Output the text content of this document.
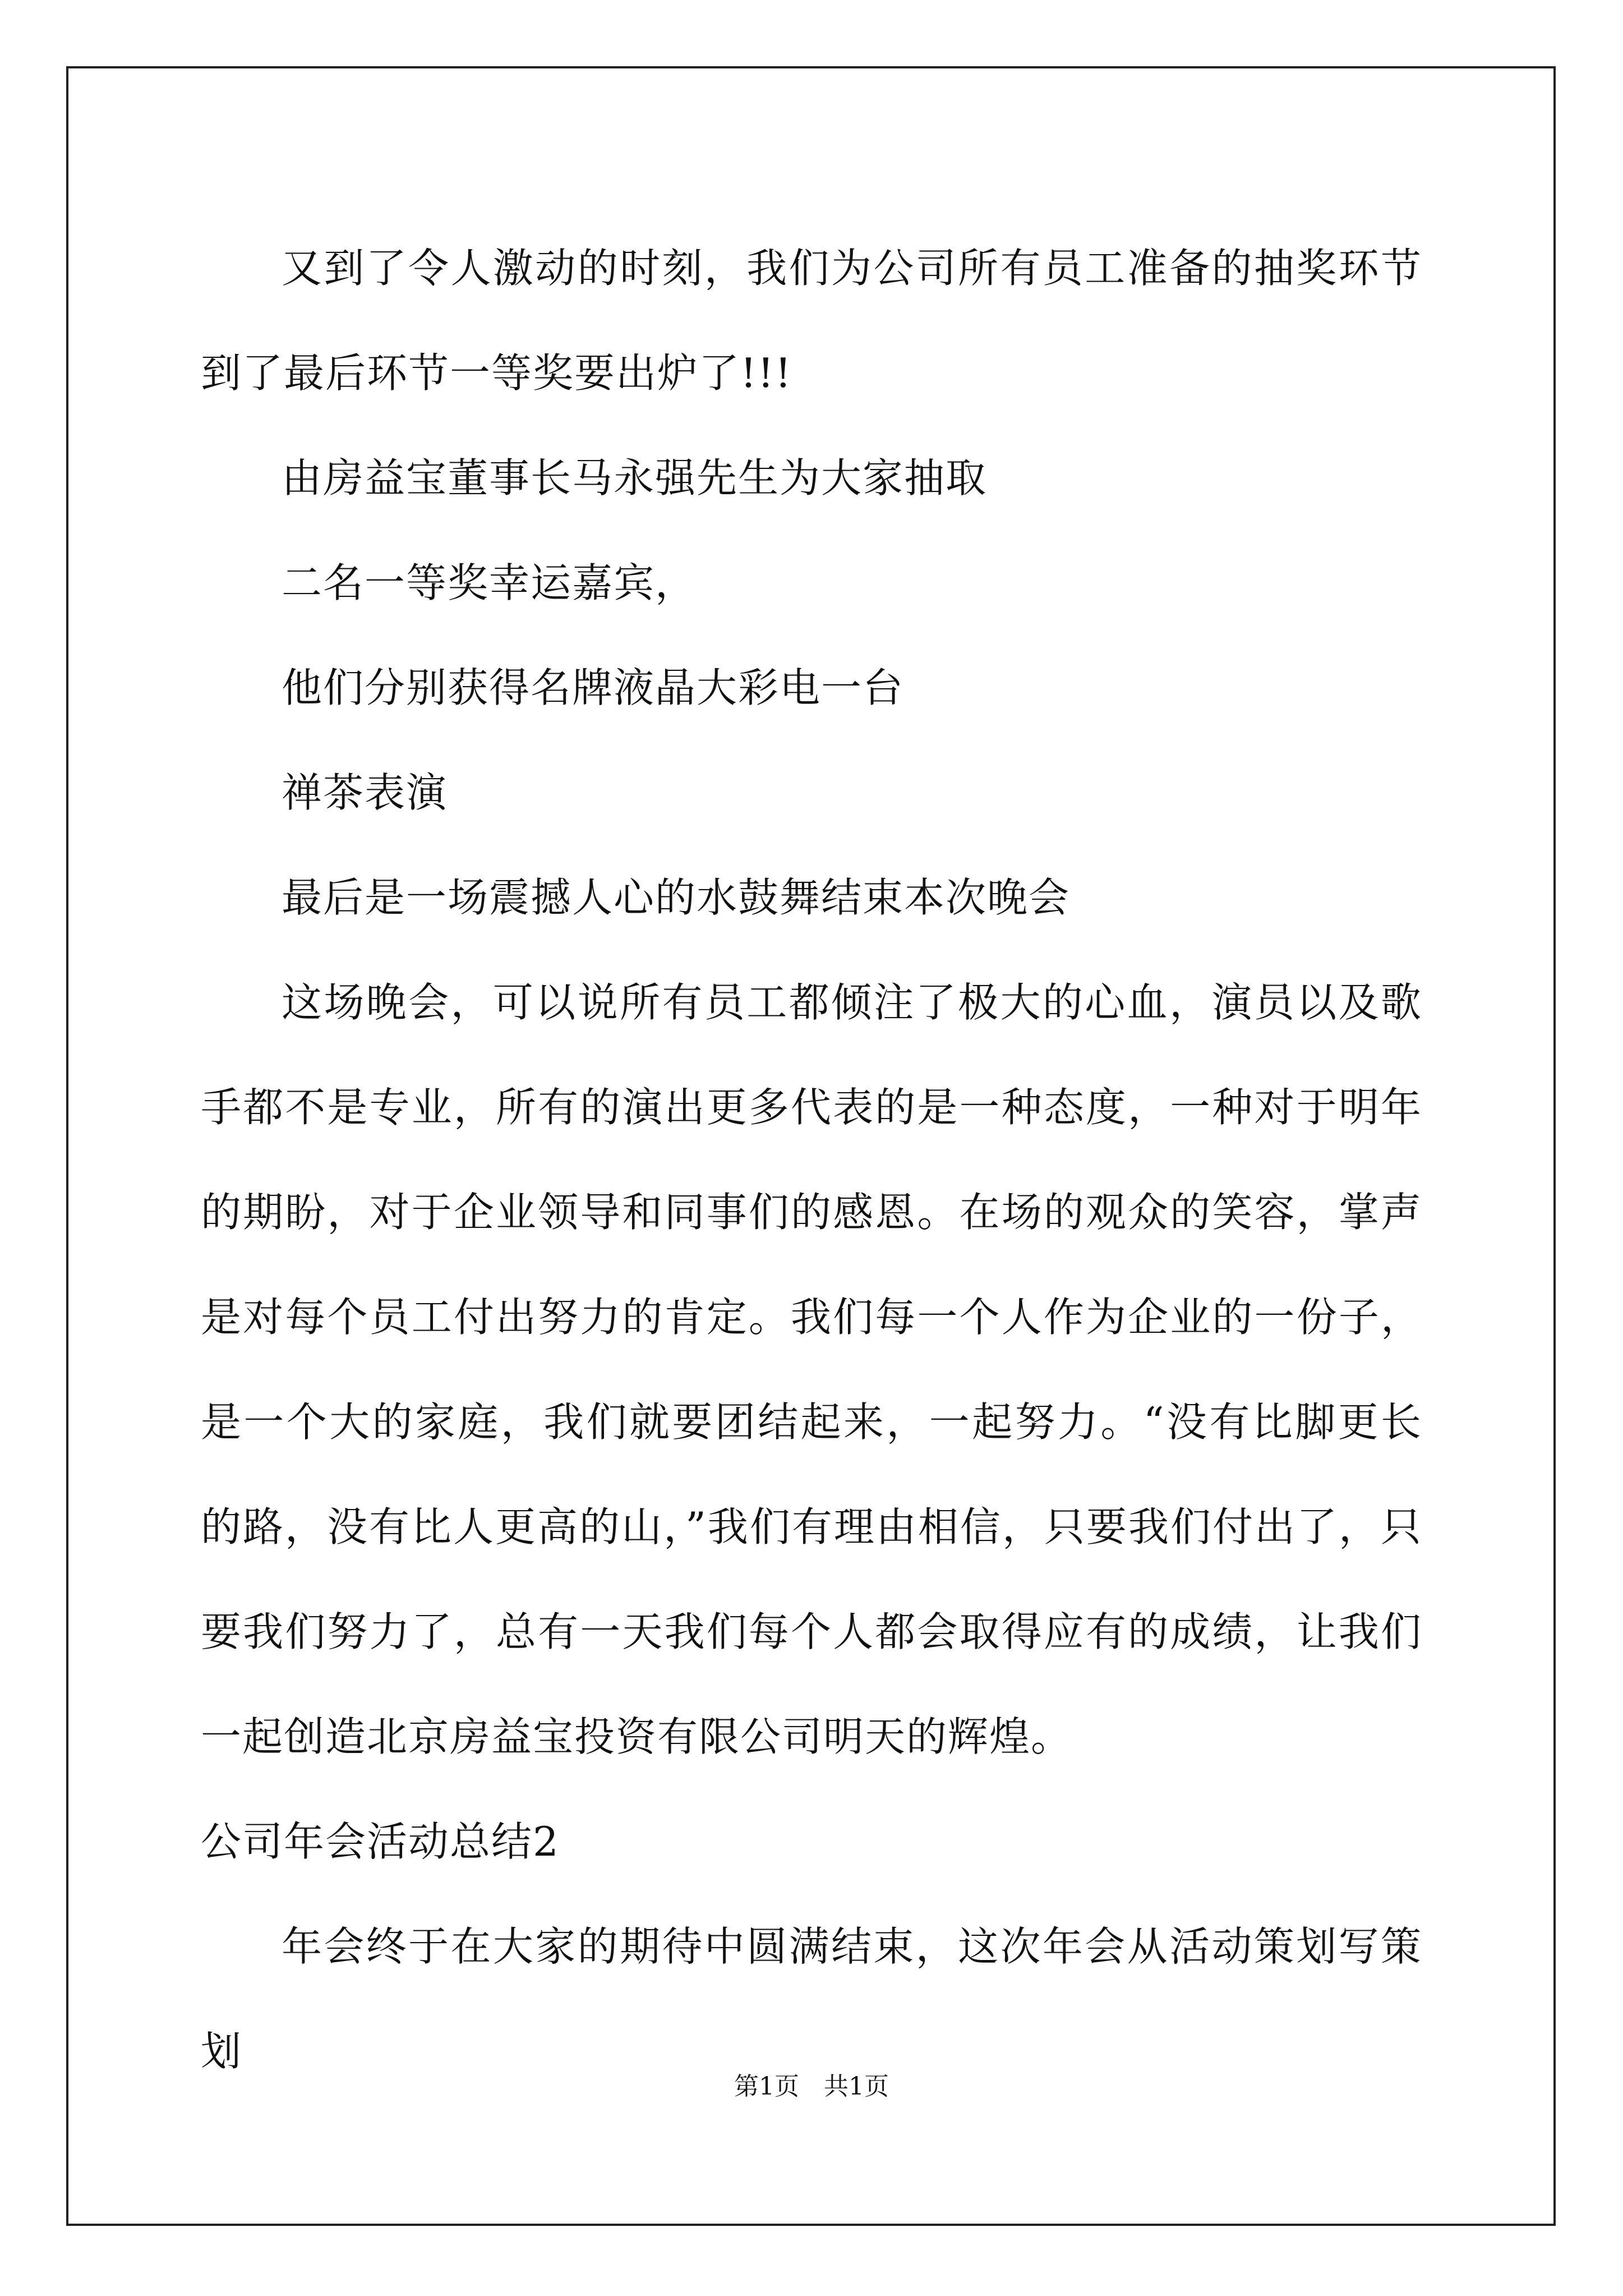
又到了令人激动的时刻，我们为公司所有员工准备的抽奖环节到了最后环节一等奖要出炉了!!!

由房益宝董事长马永强先生为大家抽取

二名一等奖幸运嘉宾，

他们分别获得名牌液晶大彩电一台

禅茶表演

最后是一场震撼人心的水鼓舞结束本次晚会

这场晚会，可以说所有员工都倾注了极大的心血，演员以及歌手都不是专业，所有的演出更多代表的是一种态度，一种对于明年的期盼，对于企业领导和同事们的感恩。在场的观众的笑容，掌声是对每个员工付出努力的肯定。我们每一个人作为企业的一份子，是一个大的家庭，我们就要团结起来，一起努力。“没有比脚更长的路，没有比人更高的山，”我们有理由相信，只要我们付出了，只要我们努力了，总有一天我们每个人都会取得应有的成绩，让我们一起创造北京房益宝投资有限公司明天的辉煌。

公司年会活动总结2

年会终于在大家的期待中圆满结束，这次年会从活动策划写策划

第1页　共1页
